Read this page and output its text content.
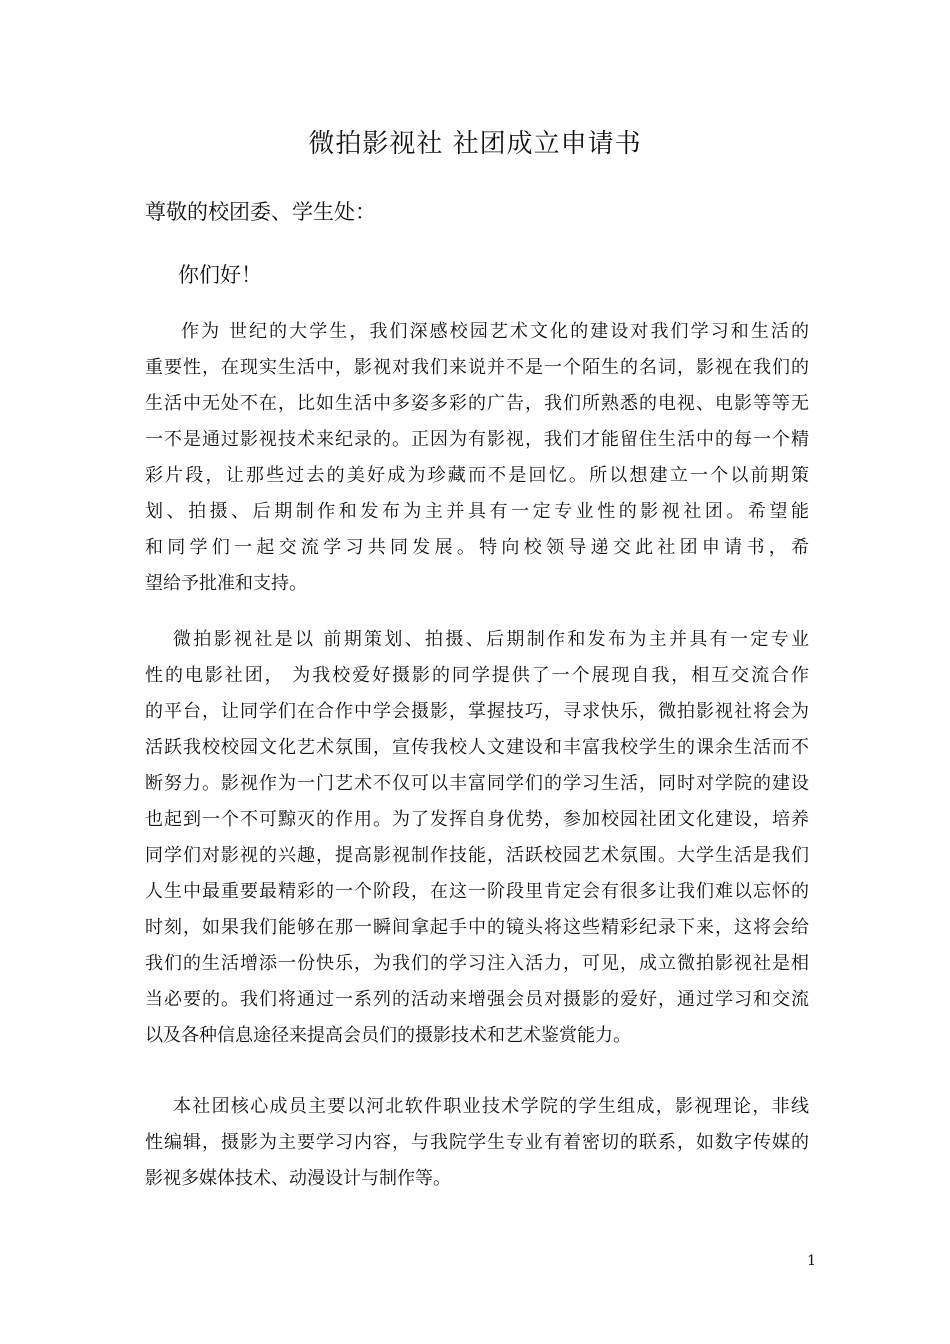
微拍影视社 社团成立申请书
尊敬的校团委、学生处：
你们好！
作为 世纪的大学生，我们深感校园艺术文化的建设对我们学习和生活的
重要性，在现实生活中，影视对我们来说并不是一个陌生的名词，影视在我们的
生活中无处不在，比如生活中多姿多彩的广告，我们所熟悉的电视、电影等等无
一不是通过影视技术来纪录的。正因为有影视，我们才能留住生活中的每一个精
彩片段，让那些过去的美好成为珍藏而不是回忆。所以想建立一个以前期策
划、拍摄、后期制作和发布为主并具有一定专业性的影视社团。希望能
和同学们一起交流学习共同发展。特向校领导递交此社团申请书，希
望给予批准和支持。
微拍影视社是以 前期策划、拍摄、后期制作和发布为主并具有一定专业
性的电影社团， 为我校爱好摄影的同学提供了一个展现自我，相互交流合作
的平台，让同学们在合作中学会摄影，掌握技巧，寻求快乐，微拍影视社将会为
活跃我校校园文化艺术氛围，宣传我校人文建设和丰富我校学生的课余生活而不
断努力。影视作为一门艺术不仅可以丰富同学们的学习生活，同时对学院的建设
也起到一个不可黥灭的作用。为了发挥自身优势，参加校园社团文化建设，培养
同学们对影视的兴趣，提高影视制作技能，活跃校园艺术氛围。大学生活是我们
人生中最重要最精彩的一个阶段，在这一阶段里肯定会有很多让我们难以忘怀的
时刻，如果我们能够在那一瞬间拿起手中的镜头将这些精彩纪录下来，这将会给
我们的生活增添一份快乐，为我们的学习注入活力，可见，成立微拍影视社是相
当必要的。我们将通过一系列的活动来增强会员对摄影的爱好，通过学习和交流
以及各种信息途径来提高会员们的摄影技术和艺术鉴赏能力。
本社团核心成员主要以河北软件职业技术学院的学生组成，影视理论，非线
性编辑，摄影为主要学习内容，与我院学生专业有着密切的联系，如数字传媒的
影视多媒体技术、动漫设计与制作等。
1
